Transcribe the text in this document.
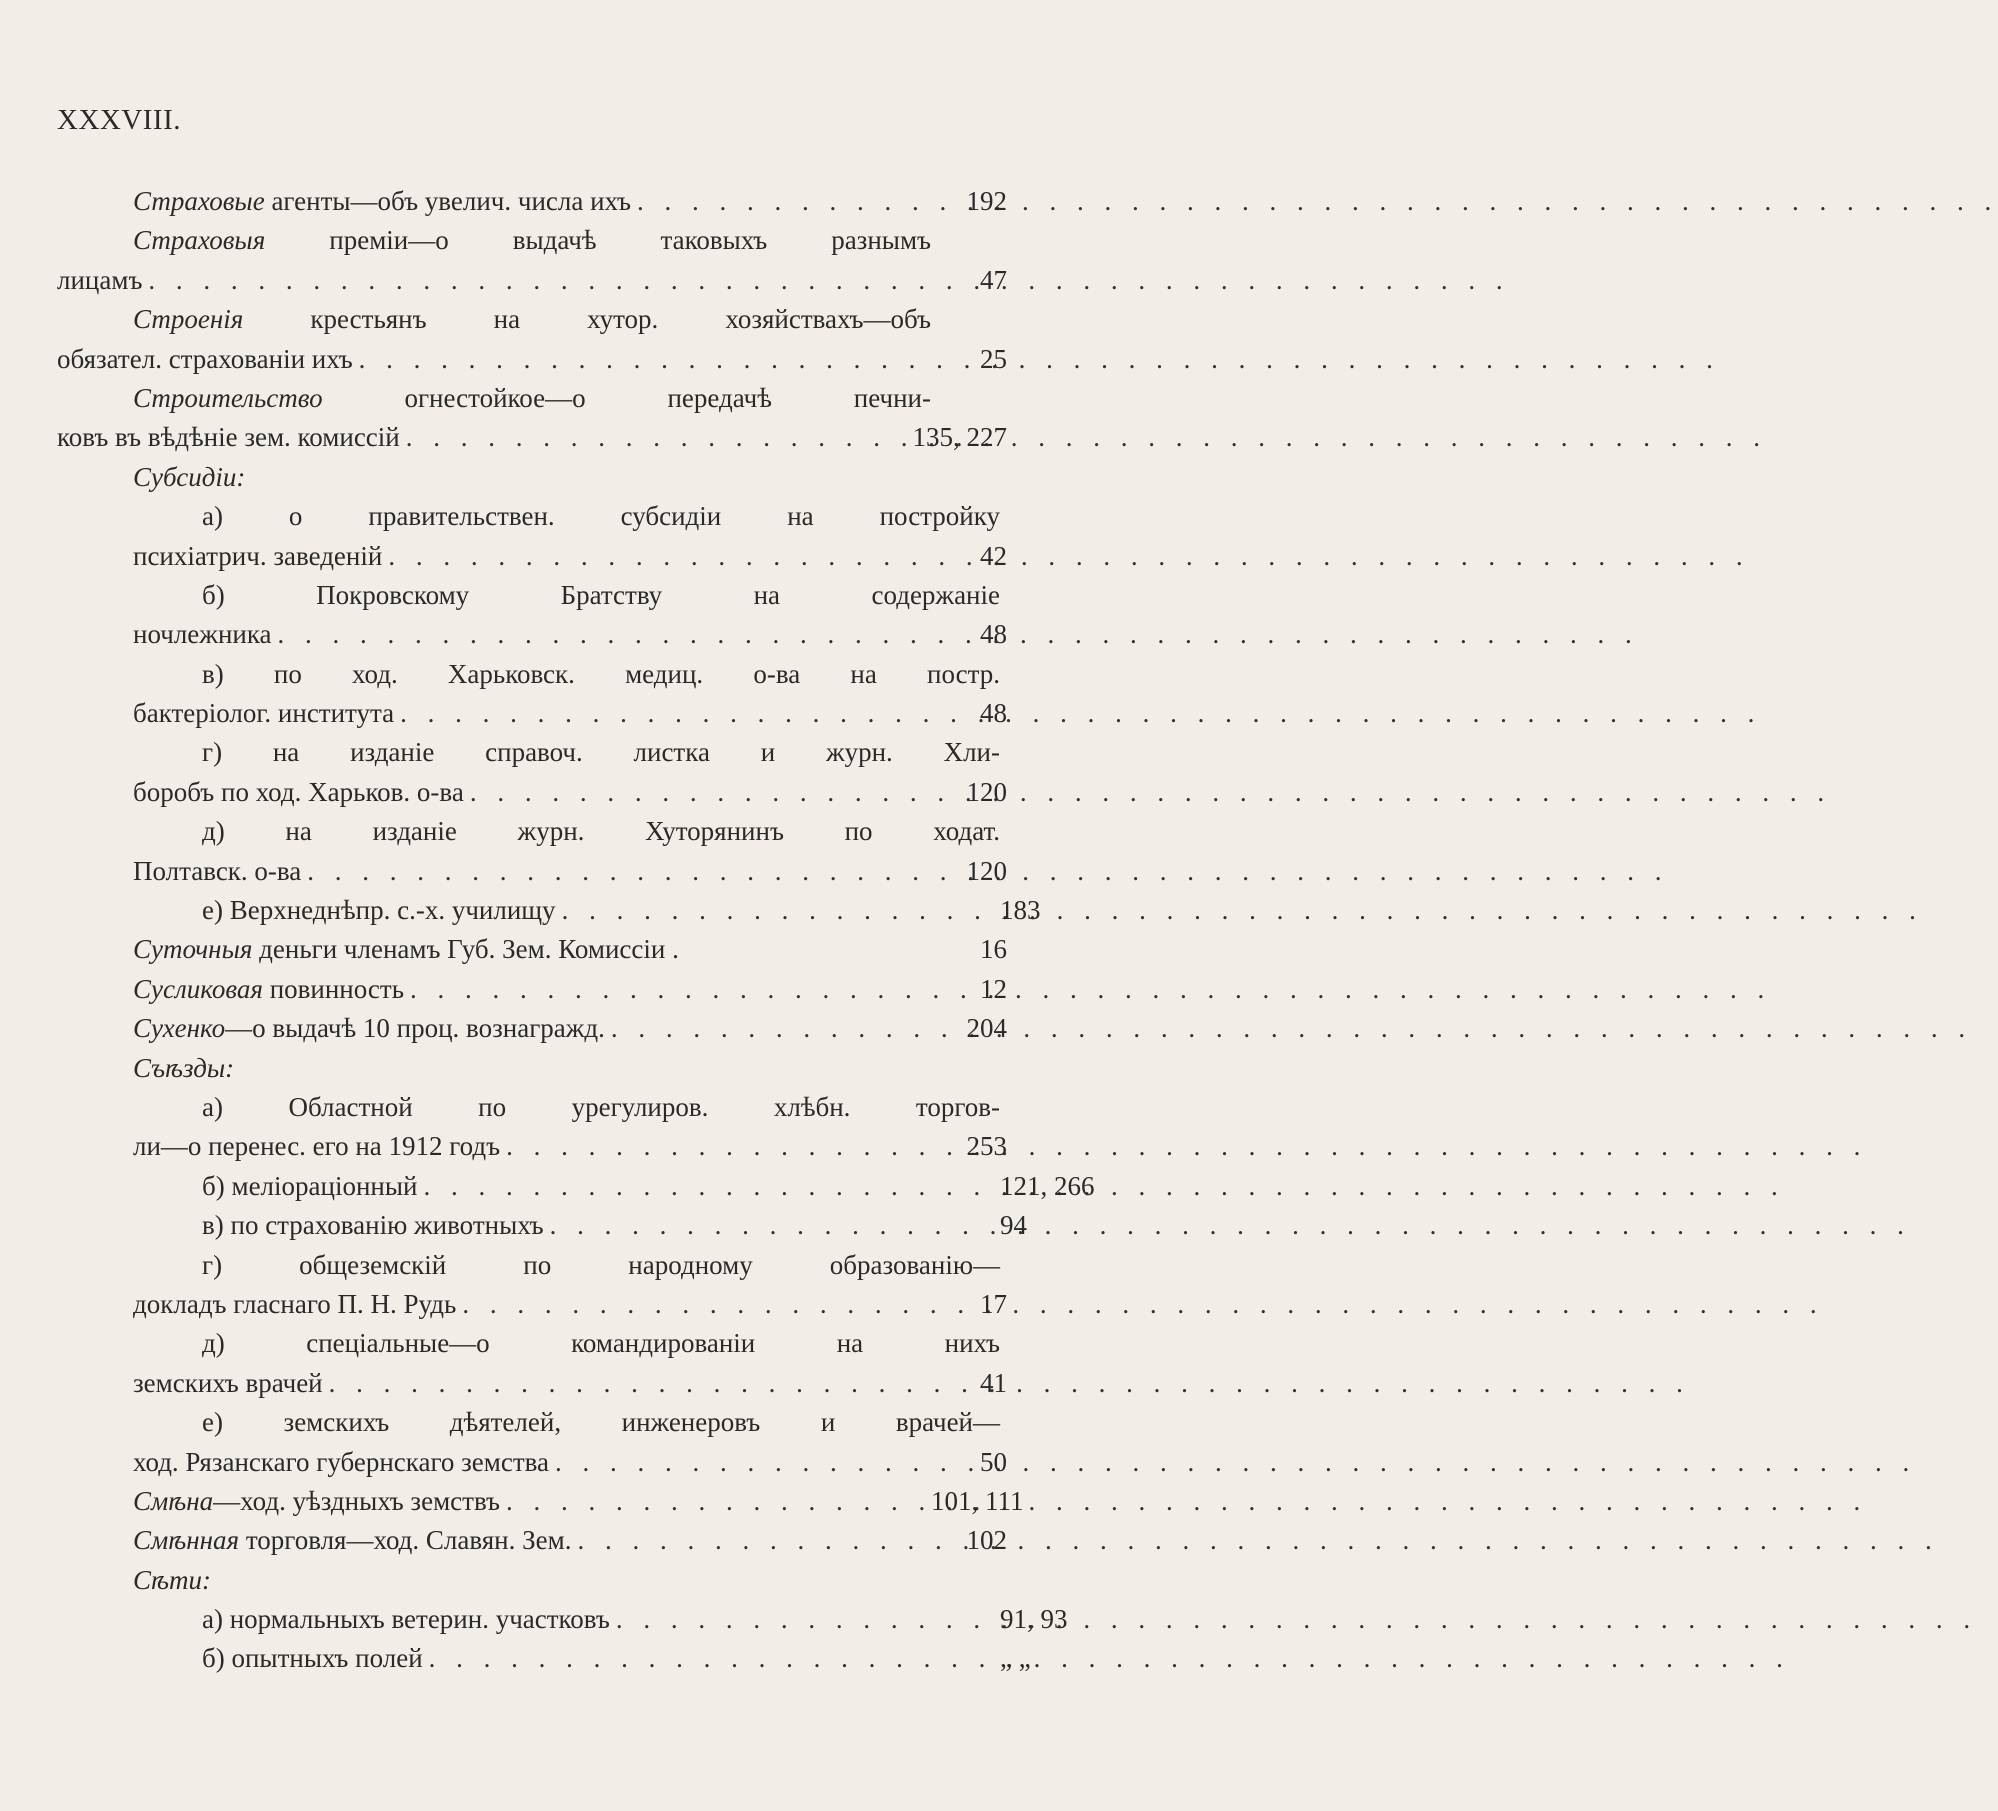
XXXVIII.
Страховые агенты—объ увелич. числа ихъ . . .	192
Страховыя преміи—о выдачѣ таковыхъ разнымъ
лицамъ . . .	47
Строенія крестьянъ на хутор. хозяйствахъ—объ
обязател. страхованіи ихъ . . .	25
Строительство огнестойкое—о передачѣ печни-
ковъ въ вѣдѣніе зем. комиссій . . .	135, 227
Субсидіи:
а) о правительствен. субсидіи на постройку
психіатрич. заведеній . . .	42
б) Покровскому Братству на содержаніе
ночлежника . . .	48
в) по ход. Харьковск. медиц. о-ва на постр.
бактеріолог. института . . .	48
г) на изданіе справоч. листка и журн. Хли-
боробъ по ход. Харьков. о-ва . . .	120
д) на изданіе журн. Хуторянинъ по ходат.
Полтавск. о-ва . . .	120
е) Верхнеднѣпр. с.-х. училищу . . .	183
Суточныя деньги членамъ Губ. Зем. Комиссіи .	16
Сусликовая повинность . . .	12
Сухенко—о выдачѣ 10 проц. вознагражд. . . .	204
Съѣзды:
а) Областной по урегулиров. хлѣбн. торгов-
ли—о перенес. его на 1912 годъ . . .	253
б) меліораціонный . . .	121, 266
в) по страхованію животныхъ . . .	94
г) общеземскій по народному образованію—
докладъ гласнаго П. Н. Рудь . . .	17
д) спеціальные—о командированіи на нихъ
земскихъ врачей . . .	41
е) земскихъ дѣятелей, инженеровъ и врачей—
ход. Рязанскаго губернскаго земства . . .	50
Смѣна—ход. уѣздныхъ земствъ . . .	101, 111
Смѣнная торговля—ход. Славян. Зем. . . .	102
Сѣти:
а) нормальныхъ ветерин. участковъ . . .	91, 93
б) опытныхъ полей . . .	„ „
